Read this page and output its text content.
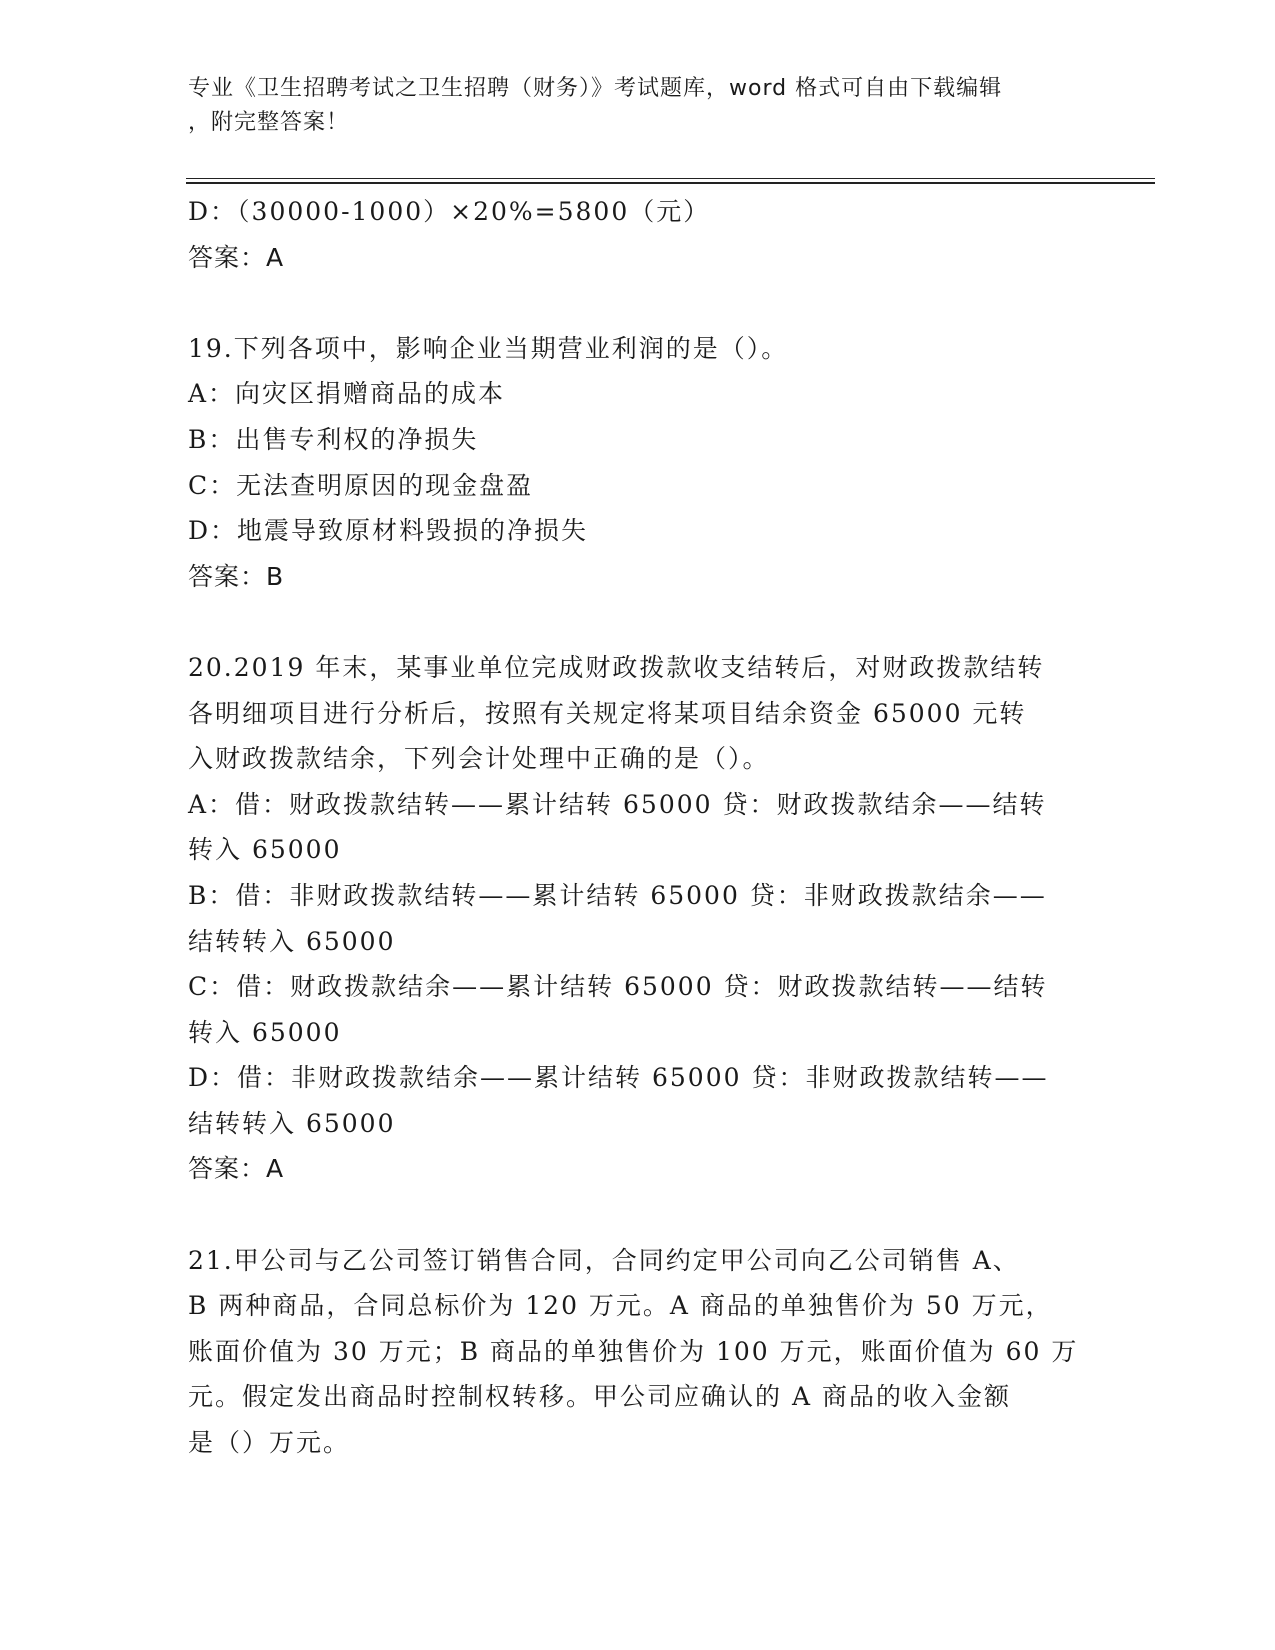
专业《卫生招聘考试之卫生招聘（财务）》考试题库，word 格式可自由下载编辑
，附完整答案！
D：（30000-1000）×20%=5800（元）
答案：A
19.下列各项中，影响企业当期营业利润的是（）。
A：向灾区捐赠商品的成本
B：出售专利权的净损失
C：无法查明原因的现金盘盈
D：地震导致原材料毁损的净损失
答案：B
20.2019 年末，某事业单位完成财政拨款收支结转后，对财政拨款结转
各明细项目进行分析后，按照有关规定将某项目结余资金 65000 元转
入财政拨款结余，下列会计处理中正确的是（）。
A：借：财政拨款结转——累计结转 65000 贷：财政拨款结余——结转
转入 65000
B：借：非财政拨款结转——累计结转 65000 贷：非财政拨款结余——
结转转入 65000
C：借：财政拨款结余——累计结转 65000 贷：财政拨款结转——结转
转入 65000
D：借：非财政拨款结余——累计结转 65000 贷：非财政拨款结转——
结转转入 65000
答案：A
21.甲公司与乙公司签订销售合同，合同约定甲公司向乙公司销售 A、
B 两种商品，合同总标价为 120 万元。A 商品的单独售价为 50 万元，
账面价值为 30 万元；B 商品的单独售价为 100 万元，账面价值为 60 万
元。假定发出商品时控制权转移。甲公司应确认的 A 商品的收入金额
是（）万元。
